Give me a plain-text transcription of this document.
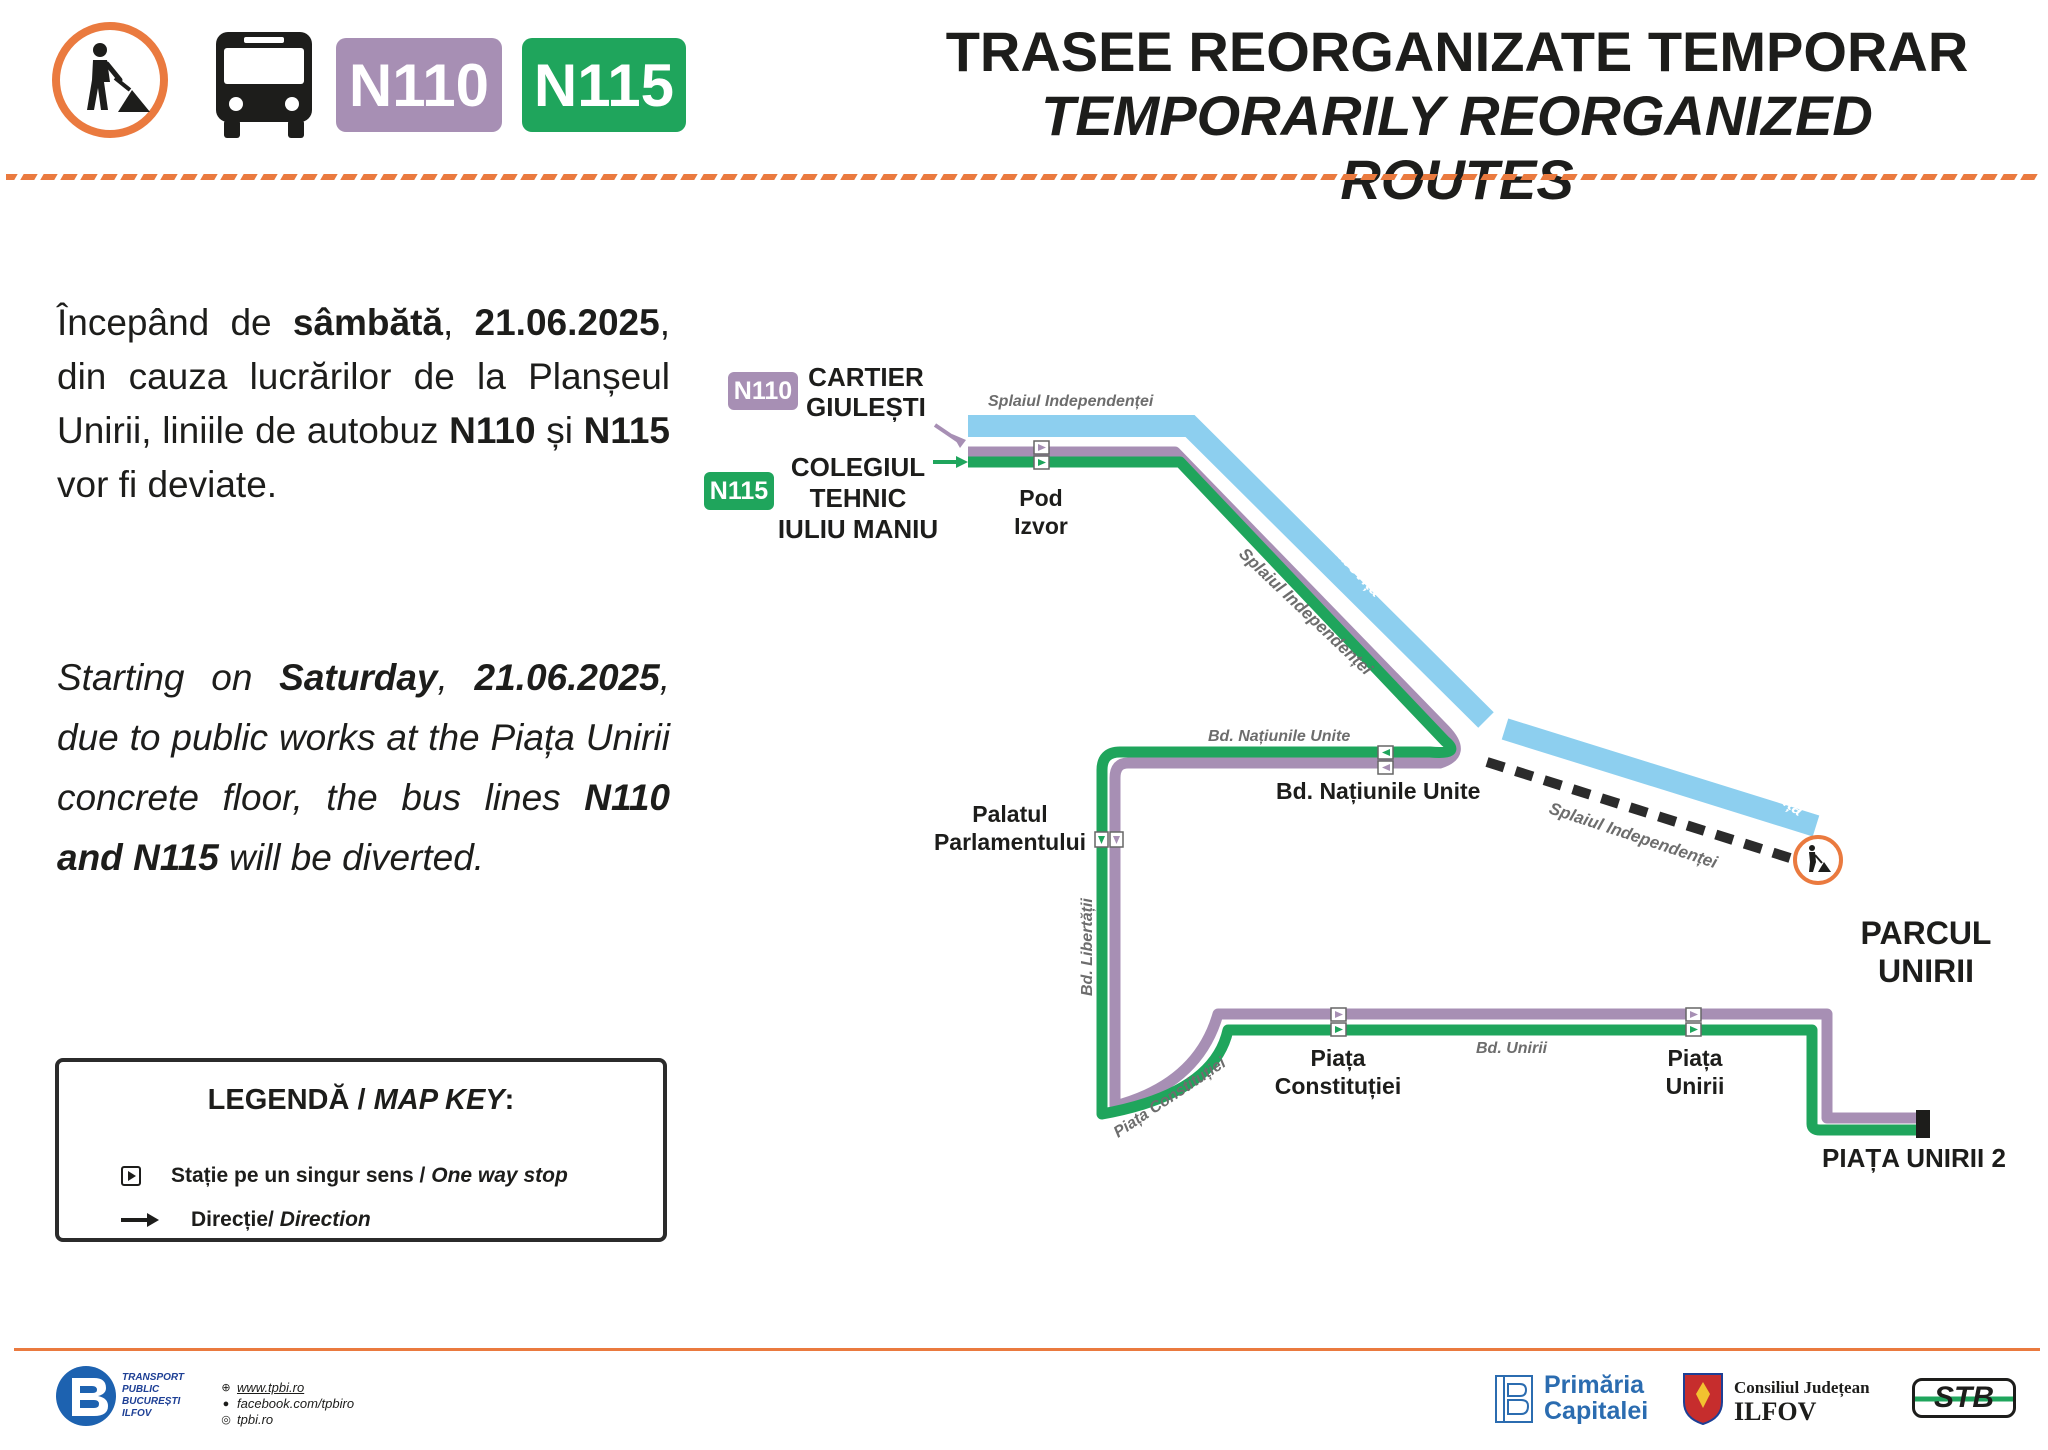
N110 N115	TRASEE REORGANIZATE TEMPORAR
TEMPORARILY REORGANIZED ROUTES
Începând de sâmbătă, 21.06.2025, din cauza lucrărilor de la Planșeul Unirii, liniile de autobuz N110 și N115 vor fi deviate.
Starting on Saturday, 21.06.2025, due to public works at the Piața Unirii concrete floor, the bus lines N110 and N115 will be diverted.
LEGENDĂ / MAP KEY:
Stație pe un singur sens / One way stop
Direcție/ Direction
Râul Dâmbovița
Râul Dâmbovița
Splaiul Independenței
Splaiul Independenței
Bd. Libertății
Piața Constituției
N110 CARTIER
GIULEȘTI
N115
COLEGIUL
TEHNIC
IULIU MANIU
Splaiul Independenței
Pod
Izvor
Bd. Națiunile Unite
Bd. Națiunile Unite
Palatul
Parlamentului
Bd. Unirii
Piața
Constituției
Piața
Unirii
PIAȚA UNIRII 2
PARCUL
UNIRII
TRANSPORT
PUBLIC
BUCUREȘTI
ILFOV
⊕ www.tpbi.ro
● facebook.com/tpbiro
◎ tpbi.ro
Primăria
Capitalei
Consiliul Județean
ILFOV	STB
